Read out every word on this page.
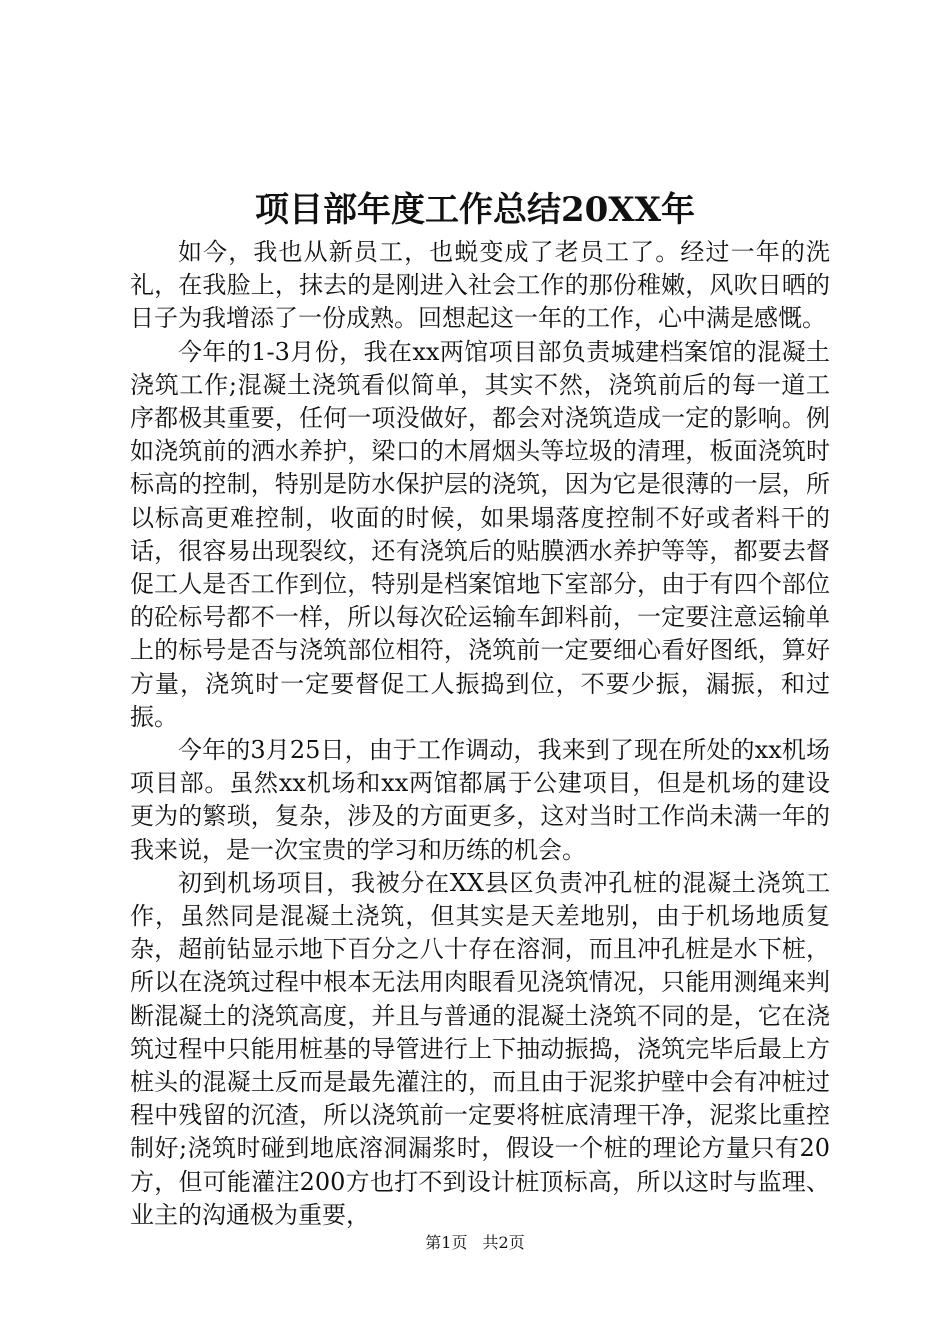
项目部年度工作总结20XX年

如今，我也从新员工，也蜕变成了老员工了。经过一年的洗礼，在我脸上，抹去的是刚进入社会工作的那份稚嫩，风吹日晒的日子为我增添了一份成熟。回想起这一年的工作，心中满是感慨。

今年的1-3月份，我在xx两馆项目部负责城建档案馆的混凝土浇筑工作;混凝土浇筑看似简单，其实不然，浇筑前后的每一道工序都极其重要，任何一项没做好，都会对浇筑造成一定的影响。例如浇筑前的洒水养护，梁口的木屑烟头等垃圾的清理，板面浇筑时标高的控制，特别是防水保护层的浇筑，因为它是很薄的一层，所以标高更难控制，收面的时候，如果塌落度控制不好或者料干的话，很容易出现裂纹，还有浇筑后的贴膜洒水养护等等，都要去督促工人是否工作到位，特别是档案馆地下室部分，由于有四个部位的砼标号都不一样，所以每次砼运输车卸料前，一定要注意运输单上的标号是否与浇筑部位相符，浇筑前一定要细心看好图纸，算好方量，浇筑时一定要督促工人振捣到位，不要少振，漏振，和过振。

今年的3月25日，由于工作调动，我来到了现在所处的xx机场项目部。虽然xx机场和xx两馆都属于公建项目，但是机场的建设更为的繁琐，复杂，涉及的方面更多，这对当时工作尚未满一年的我来说，是一次宝贵的学习和历练的机会。

初到机场项目，我被分在XX县区负责冲孔桩的混凝土浇筑工作，虽然同是混凝土浇筑，但其实是天差地别，由于机场地质复杂，超前钻显示地下百分之八十存在溶洞，而且冲孔桩是水下桩，所以在浇筑过程中根本无法用肉眼看见浇筑情况，只能用测绳来判断混凝土的浇筑高度，并且与普通的混凝土浇筑不同的是，它在浇筑过程中只能用桩基的导管进行上下抽动振捣，浇筑完毕后最上方桩头的混凝土反而是最先灌注的，而且由于泥浆护壁中会有冲桩过程中残留的沉渣，所以浇筑前一定要将桩底清理干净，泥浆比重控制好;浇筑时碰到地底溶洞漏浆时，假设一个桩的理论方量只有20方，但可能灌注200方也打不到设计桩顶标高，所以这时与监理、业主的沟通极为重要，

第1页 共2页
